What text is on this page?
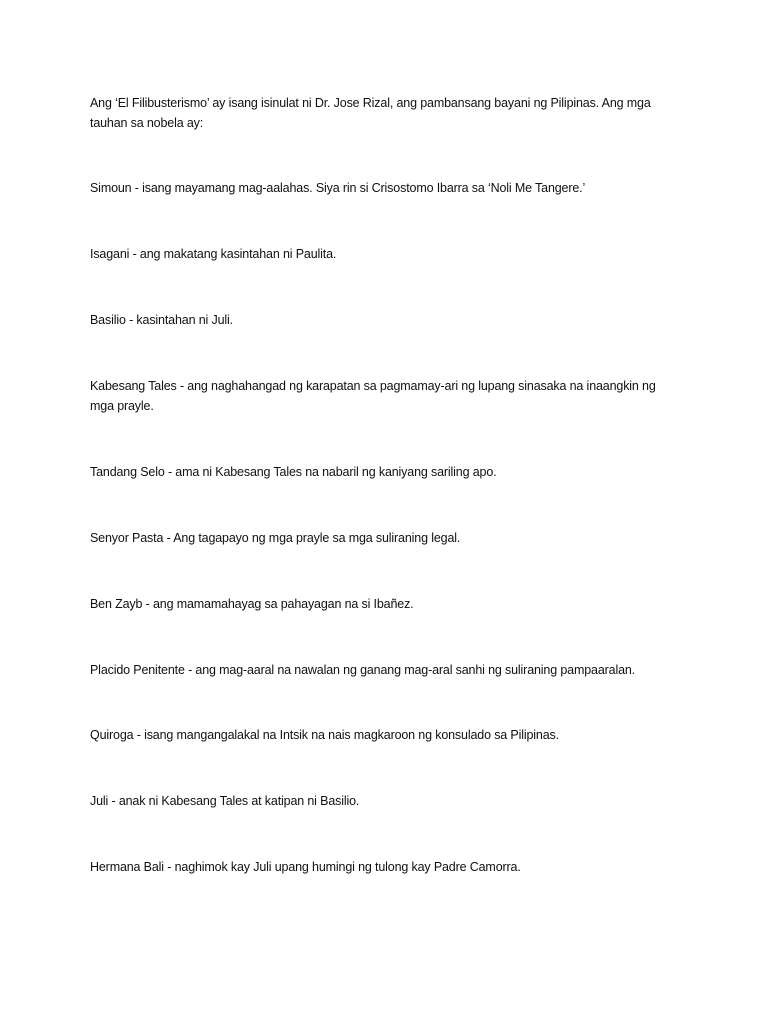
Ang ‘El Filibusterismo’ ay isang isinulat ni Dr. Jose Rizal, ang pambansang bayani ng Pilipinas. Ang mga tauhan sa nobela ay:

Simoun - isang mayamang mag-aalahas. Siya rin si Crisostomo Ibarra sa ‘Noli Me Tangere.’

Isagani - ang makatang kasintahan ni Paulita.

Basilio - kasintahan ni Juli.

Kabesang Tales - ang naghahangad ng karapatan sa pagmamay-ari ng lupang sinasaka na inaangkin ng mga prayle.

Tandang Selo - ama ni Kabesang Tales na nabaril ng kaniyang sariling apo.

Senyor Pasta - Ang tagapayo ng mga prayle sa mga suliraning legal.

Ben Zayb - ang mamamahayag sa pahayagan na si Ibañez.

Placido Penitente - ang mag-aaral na nawalan ng ganang mag-aral sanhi ng suliraning pampaaralan.

Quiroga - isang mangangalakal na Intsik na nais magkaroon ng konsulado sa Pilipinas.

Juli - anak ni Kabesang Tales at katipan ni Basilio.

Hermana Bali - naghimok kay Juli upang humingi ng tulong kay Padre Camorra.
